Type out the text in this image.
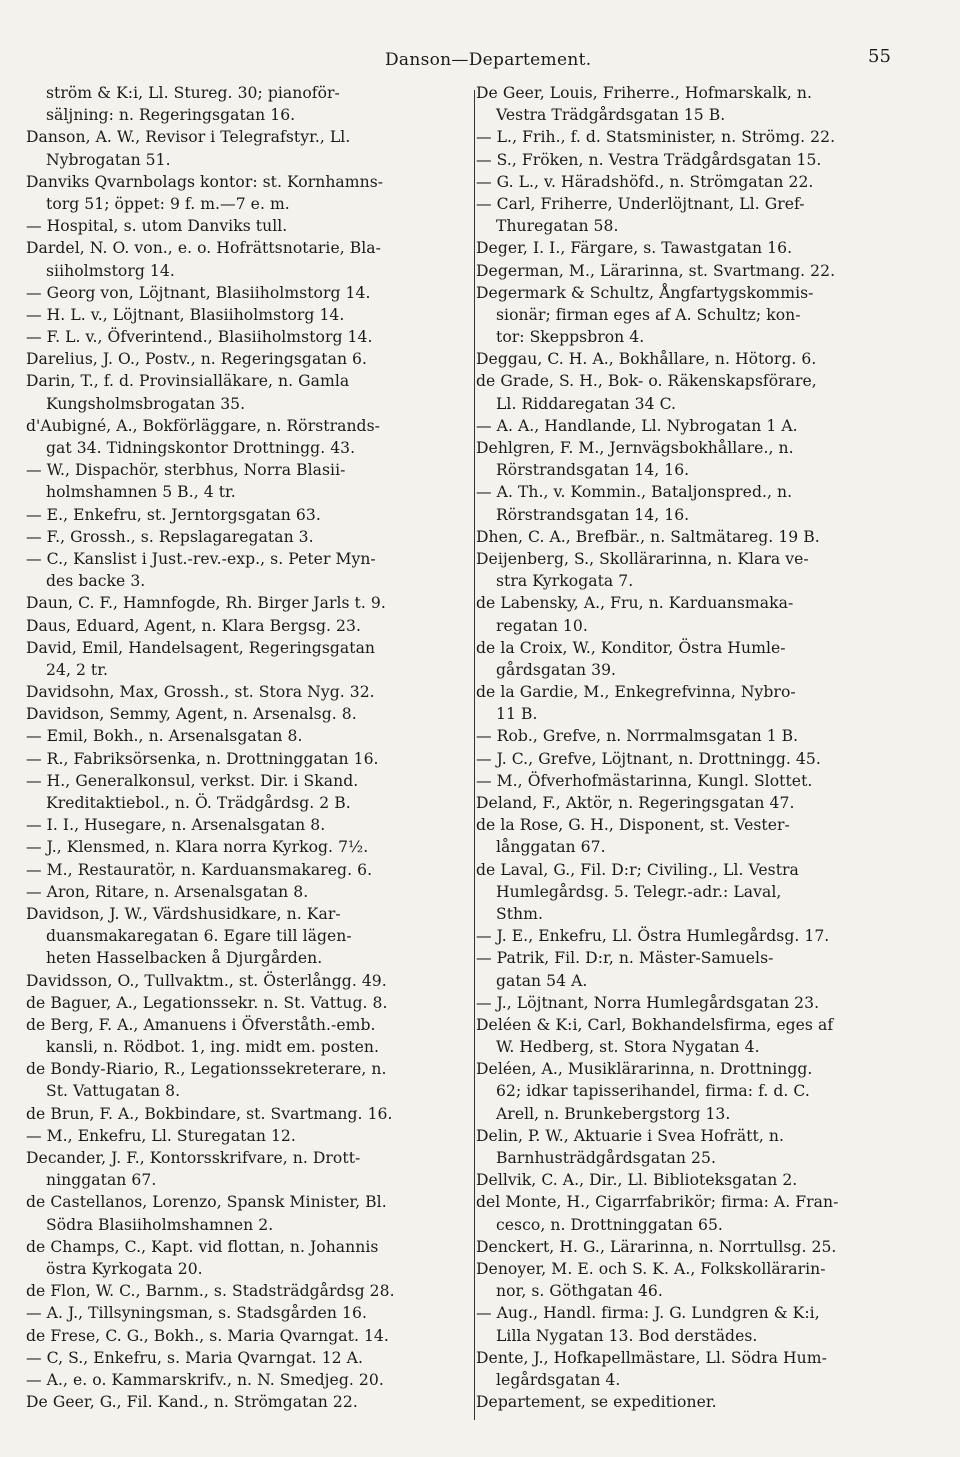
Danson—Departement.	55
ström & K:i, Ll. Stureg. 30; pianoför-
säljning: n. Regeringsgatan 16.
Danson, A. W., Revisor i Telegrafstyr., Ll.
Nybrogatan 51.
Danviks Qvarnbolags kontor: st. Kornhamns-
torg 51; öppet: 9 f. m.—7 e. m.
— Hospital, s. utom Danviks tull.
Dardel, N. O. von., e. o. Hofrättsnotarie, Bla-
siiholmstorg 14.
— Georg von, Löjtnant, Blasiiholmstorg 14.
— H. L. v., Löjtnant, Blasiiholmstorg 14.
— F. L. v., Öfverintend., Blasiiholmstorg 14.
Darelius, J. O., Postv., n. Regeringsgatan 6.
Darin, T., f. d. Provinsialläkare, n. Gamla
Kungsholmsbrogatan 35.
d'Aubigné, A., Bokförläggare, n. Rörstrands-
gat 34. Tidningskontor Drottningg. 43.
— W., Dispachör, sterbhus, Norra Blasii-
holmshamnen 5 B., 4 tr.
— E., Enkefru, st. Jerntorgsgatan 63.
— F., Grossh., s. Repslagaregatan 3.
— C., Kanslist i Just.-rev.-exp., s. Peter Myn-
des backe 3.
Daun, C. F., Hamnfogde, Rh. Birger Jarls t. 9.
Daus, Eduard, Agent, n. Klara Bergsg. 23.
David, Emil, Handelsagent, Regeringsgatan
24, 2 tr.
Davidsohn, Max, Grossh., st. Stora Nyg. 32.
Davidson, Semmy, Agent, n. Arsenalsg. 8.
— Emil, Bokh., n. Arsenalsgatan 8.
— R., Fabriksörsenka, n. Drottninggatan 16.
— H., Generalkonsul, verkst. Dir. i Skand.
Kreditaktiebol., n. Ö. Trädgårdsg. 2 B.
— I. I., Husegare, n. Arsenalsgatan 8.
— J., Klensmed, n. Klara norra Kyrkog. 7½.
— M., Restauratör, n. Karduansmakareg. 6.
— Aron, Ritare, n. Arsenalsgatan 8.
Davidson, J. W., Värdshusidkare, n. Kar-
duansmakaregatan 6. Egare till lägen-
heten Hasselbacken å Djurgården.
Davidsson, O., Tullvaktm., st. Österlångg. 49.
de Baguer, A., Legationssekr. n. St. Vattug. 8.
de Berg, F. A., Amanuens i Öfverståth.-emb.
kansli, n. Rödbot. 1, ing. midt em. posten.
de Bondy-Riario, R., Legationssekreterare, n.
St. Vattugatan 8.
de Brun, F. A., Bokbindare, st. Svartmang. 16.
— M., Enkefru, Ll. Sturegatan 12.
Decander, J. F., Kontorsskrifvare, n. Drott-
ninggatan 67.
de Castellanos, Lorenzo, Spansk Minister, Bl.
Södra Blasiiholmshamnen 2.
de Champs, C., Kapt. vid flottan, n. Johannis
östra Kyrkogata 20.
de Flon, W. C., Barnm., s. Stadsträdgårdsg 28.
— A. J., Tillsyningsman, s. Stadsgården 16.
de Frese, C. G., Bokh., s. Maria Qvarngat. 14.
— C, S., Enkefru, s. Maria Qvarngat. 12 A.
— A., e. o. Kammarskrifv., n. N. Smedjeg. 20.
De Geer, G., Fil. Kand., n. Strömgatan 22.
De Geer, Louis, Friherre., Hofmarskalk, n.
Vestra Trädgårdsgatan 15 B.
— L., Frih., f. d. Statsminister, n. Strömg. 22.
— S., Fröken, n. Vestra Trädgårdsgatan 15.
— G. L., v. Häradshöfd., n. Strömgatan 22.
— Carl, Friherre, Underlöjtnant, Ll. Gref-
Thuregatan 58.
Deger, I. I., Färgare, s. Tawastgatan 16.
Degerman, M., Lärarinna, st. Svartmang. 22.
Degermark & Schultz, Ångfartygskommis-
sionär; firman eges af A. Schultz; kon-
tor: Skeppsbron 4.
Deggau, C. H. A., Bokhållare, n. Hötorg. 6.
de Grade, S. H., Bok- o. Räkenskapsförare,
Ll. Riddaregatan 34 C.
— A. A., Handlande, Ll. Nybrogatan 1 A.
Dehlgren, F. M., Jernvägsbokhållare., n.
Rörstrandsgatan 14, 16.
— A. Th., v. Kommin., Bataljonspred., n.
Rörstrandsgatan 14, 16.
Dhen, C. A., Brefbär., n. Saltmätareg. 19 B.
Deijenberg, S., Skollärarinna, n. Klara ve-
stra Kyrkogata 7.
de Labensky, A., Fru, n. Karduansmaka-
regatan 10.
de la Croix, W., Konditor, Östra Humle-
gårdsgatan 39.
de la Gardie, M., Enkegrefvinna, Nybro-
11 B.
— Rob., Grefve, n. Norrmalmsgatan 1 B.
— J. C., Grefve, Löjtnant, n. Drottningg. 45.
— M., Öfverhofmästarinna, Kungl. Slottet.
Deland, F., Aktör, n. Regeringsgatan 47.
de la Rose, G. H., Disponent, st. Vester-
långgatan 67.
de Laval, G., Fil. D:r; Civiling., Ll. Vestra
Humlegårdsg. 5. Telegr.-adr.: Laval,
Sthm.
— J. E., Enkefru, Ll. Östra Humlegårdsg. 17.
— Patrik, Fil. D:r, n. Mäster-Samuels-
gatan 54 A.
— J., Löjtnant, Norra Humlegårdsgatan 23.
Deléen & K:i, Carl, Bokhandelsfirma, eges af
W. Hedberg, st. Stora Nygatan 4.
Deléen, A., Musiklärarinna, n. Drottningg.
62; idkar tapisserihandel, firma: f. d. C.
Arell, n. Brunkebergstorg 13.
Delin, P. W., Aktuarie i Svea Hofrätt, n.
Barnhusträdgårdsgatan 25.
Dellvik, C. A., Dir., Ll. Biblioteksgatan 2.
del Monte, H., Cigarrfabrikör; firma: A. Fran-
cesco, n. Drottninggatan 65.
Denckert, H. G., Lärarinna, n. Norrtullsg. 25.
Denoyer, M. E. och S. K. A., Folkskollärarin-
nor, s. Göthgatan 46.
— Aug., Handl. firma: J. G. Lundgren & K:i,
Lilla Nygatan 13. Bod derstädes.
Dente, J., Hofkapellmästare, Ll. Södra Hum-
legårdsgatan 4.
Departement, se expeditioner.
